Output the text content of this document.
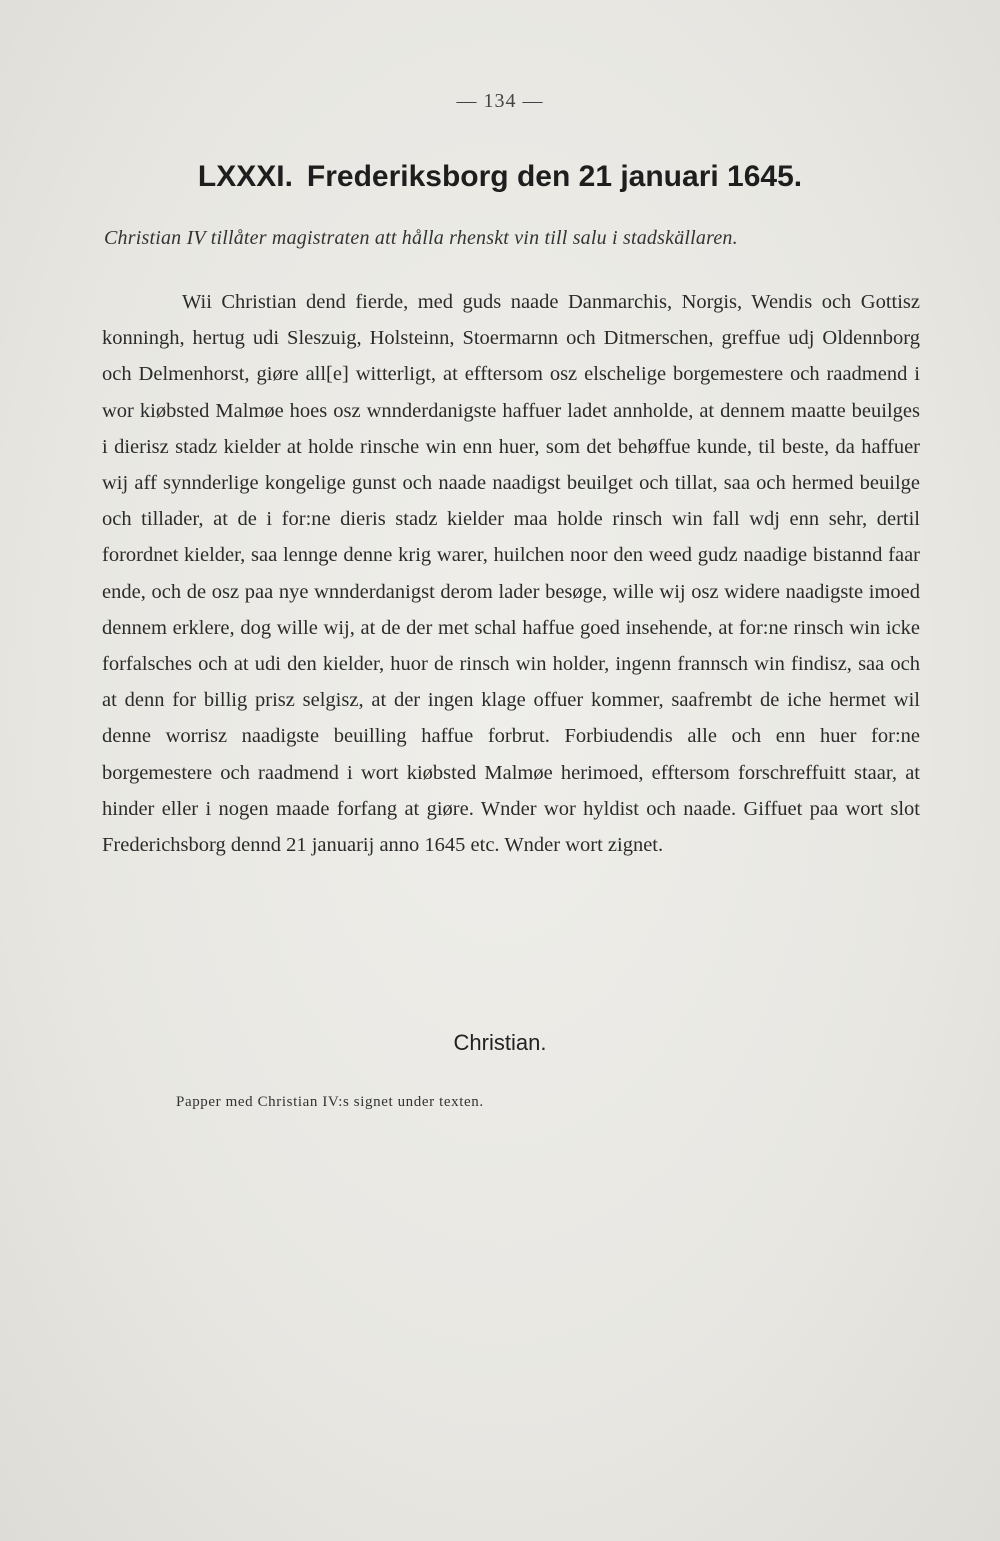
— 134 —
LXXXI. Frederiksborg den 21 januari 1645.
Christian IV tillåter magistraten att hålla rhenskt vin till salu i stadskällaren.

Wii Christian dend fierde, med guds naade Danmarchis, Norgis, Wendis och Gottisz konningh, hertug udi Sleszuig, Holsteinn, Stoermarnn och Ditmerschen, greffue udj Oldennborg och Delmenhorst, giøre all[e] witterligt, at efftersom osz elschelige borgemestere och raadmend i wor kiøbsted Malmøe hoes osz wnnderdanigste haffuer ladet annholde, at dennem maatte beuilges i dierisz stadz kielder at holde rinsche win enn huer, som det behøffue kunde, til beste, da haffuer wij aff synnderlige kongelige gunst och naade naadigst beuilget och tillat, saa och hermed beuilge och tillader, at de i for:ne dieris stadz kielder maa holde rinsch win fall wdj enn sehr, dertil forordnet kielder, saa lennge denne krig warer, huilchen noor den weed gudz naadige bistannd faar ende, och de osz paa nye wnnderdanigst derom lader besøge, wille wij osz widere naadigste imoed dennem erklere, dog wille wij, at de der met schal haffue goed insehende, at for:ne rinsch win icke forfalsches och at udi den kielder, huor de rinsch win holder, ingenn frannsch win findisz, saa och at denn for billig prisz selgisz, at der ingen klage offuer kommer, saafrembt de iche hermet wil denne worrisz naadigste beuilling haffue forbrut. Forbiudendis alle och enn huer for:ne borgemestere och raadmend i wort kiøbsted Malmøe herimoed, efftersom forschreffuitt staar, at hinder eller i nogen maade forfang at giøre. Wnder wor hyldist och naade. Giffuet paa wort slot Frederichsborg dennd 21 januarij anno 1645 etc. Wnder wort zignet.

Christian.
Papper med Christian IV:s signet under texten.
